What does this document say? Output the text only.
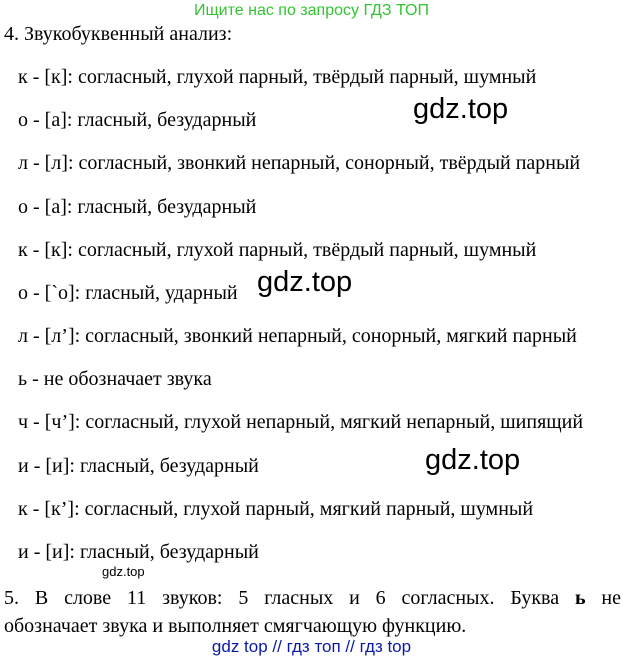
Ищите нас по запросу ГДЗ ТОП
4. Звукобуквенный анализ:
к - [к]: согласный, глухой парный, твёрдый парный, шумный
о - [а]: гласный, безударный
л - [л]: согласный, звонкий непарный, сонорный, твёрдый парный
о - [а]: гласный, безударный
к - [к]: согласный, глухой парный, твёрдый парный, шумный
о - [`о]: гласный, ударный
л - [л’]: согласный, звонкий непарный, сонорный, мягкий парный
ь - не обозначает звука
ч - [ч’]: согласный, глухой непарный, мягкий непарный, шипящий
и - [и]: гласный, безударный
к - [к’]: согласный, глухой парный, мягкий парный, шумный
и - [и]: гласный, безударный
gdz.top
gdz.top
gdz.top
gdz.top
5. В слове 11 звуков: 5 гласных и 6 согласных. Буква ь не
обозначает звука и выполняет смягчающую функцию.
gdz top // гдз топ // гдз top
